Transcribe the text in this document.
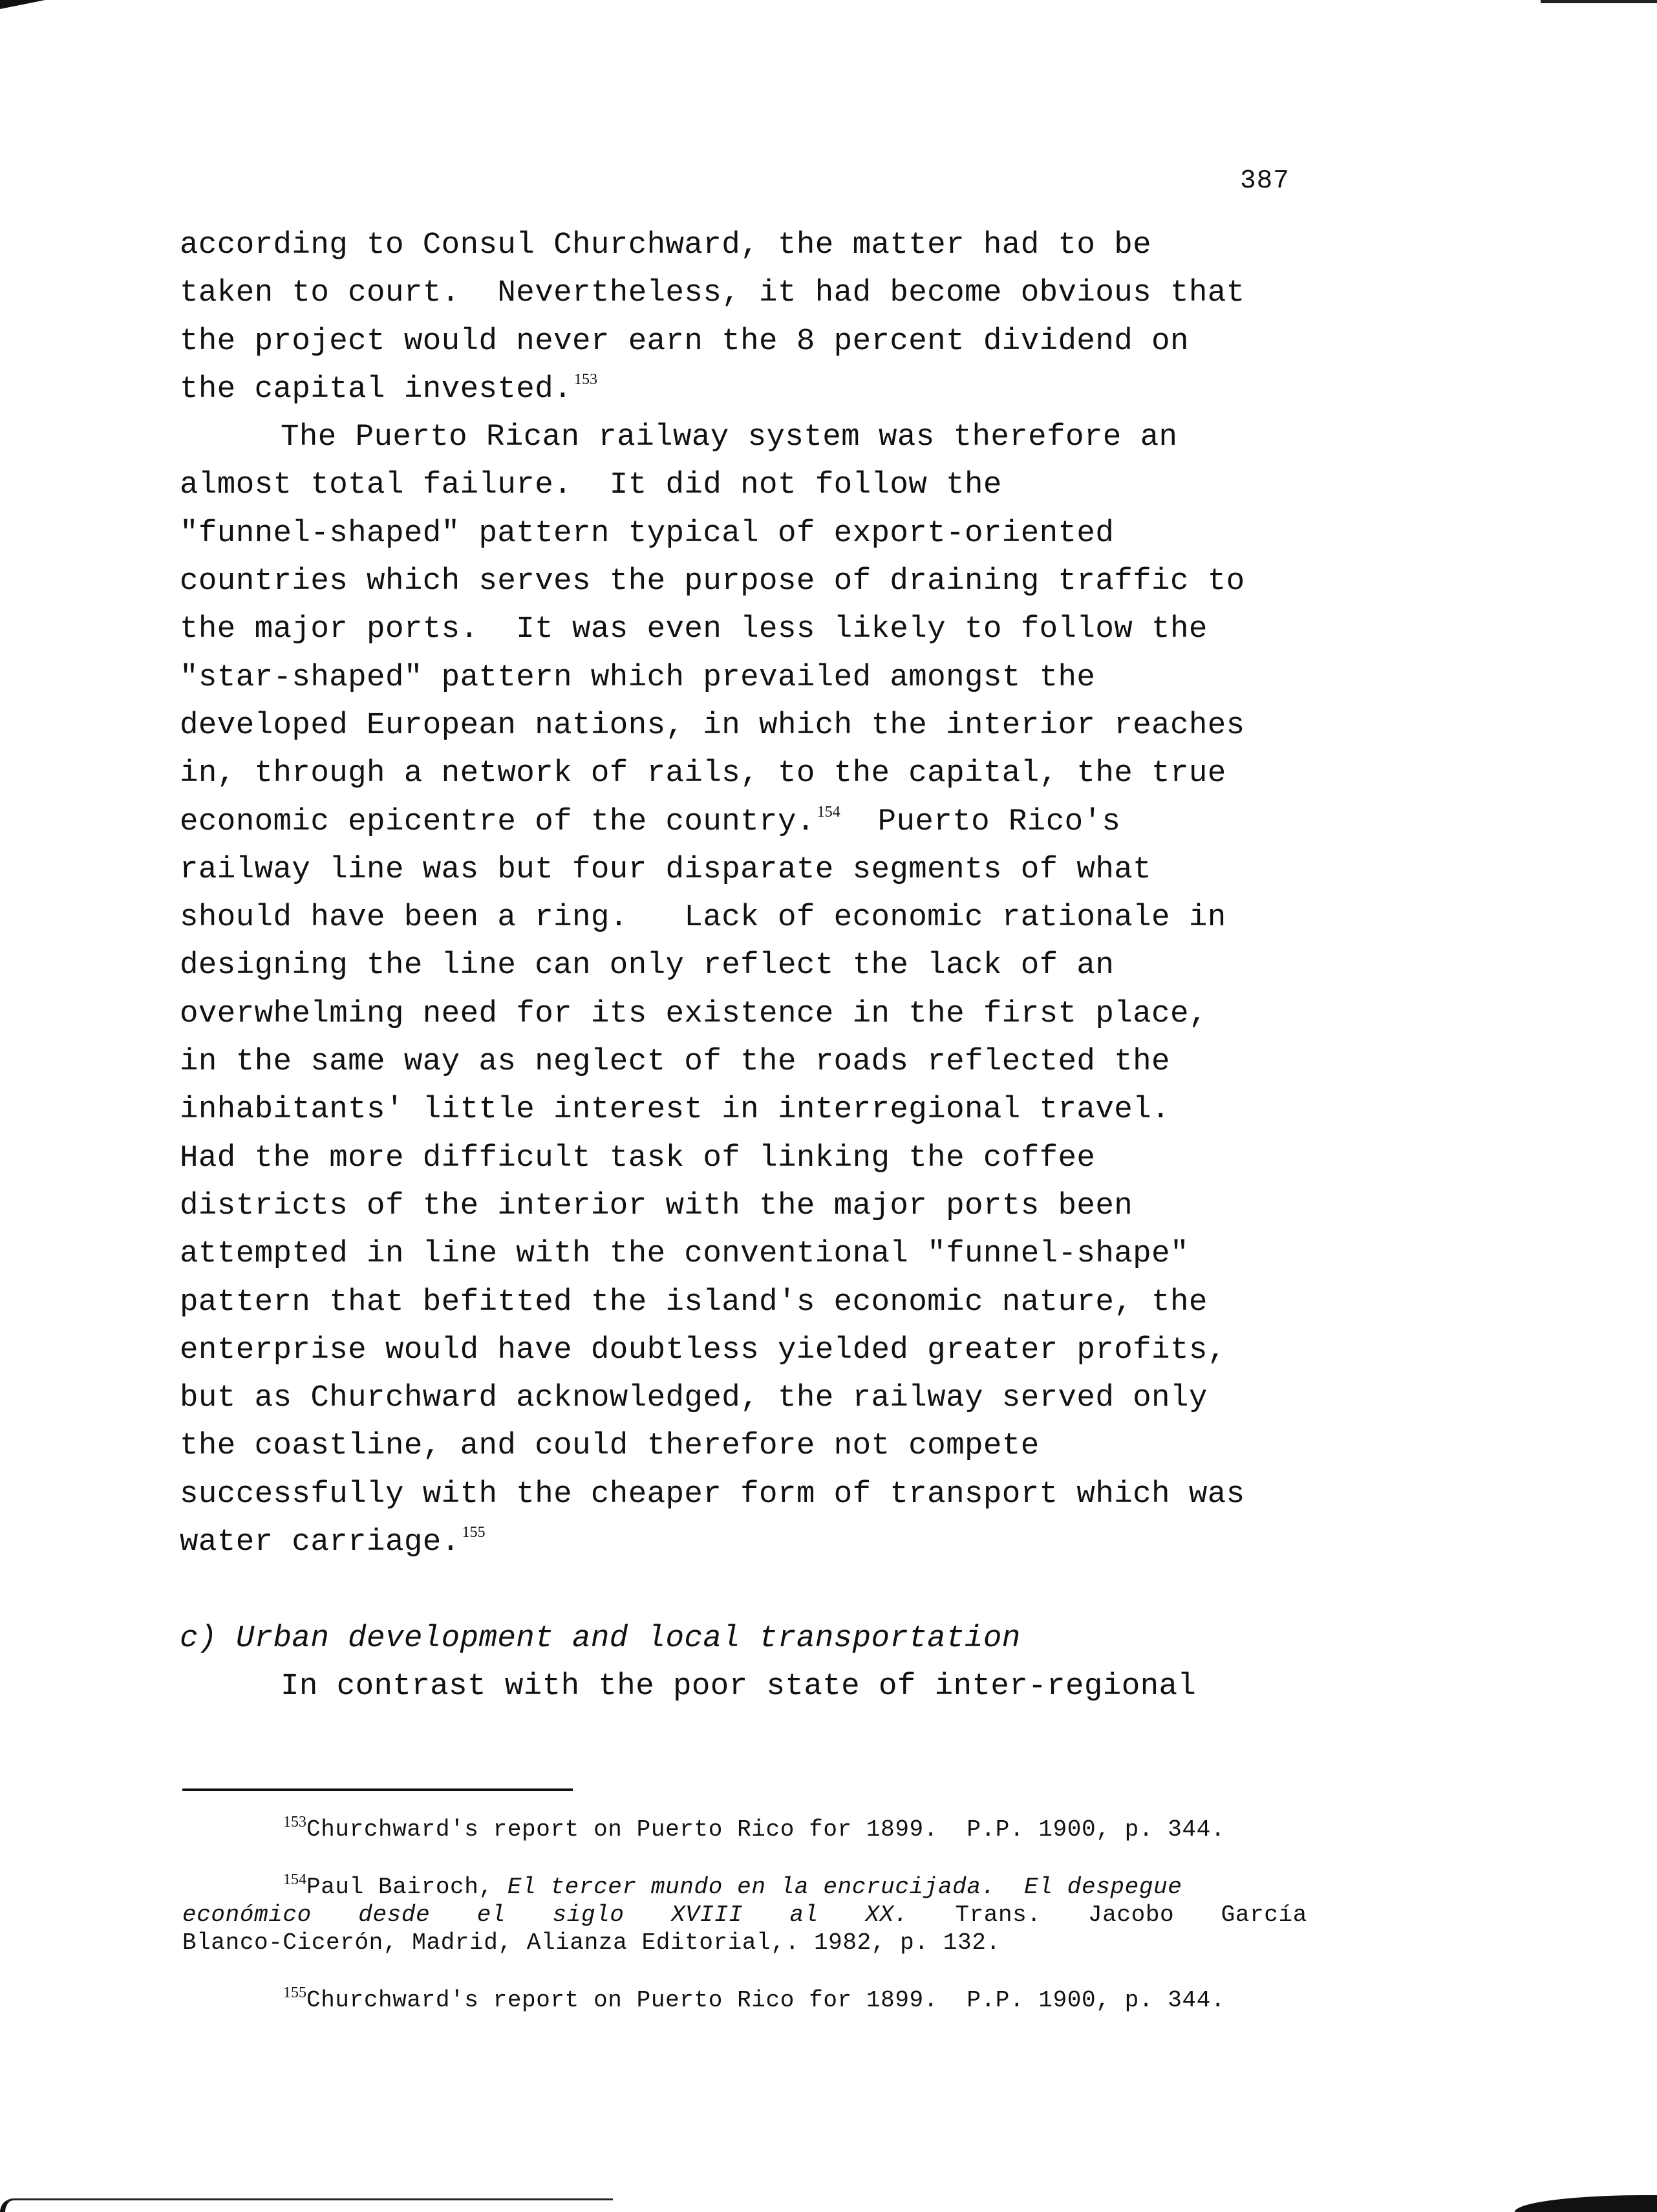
387
according to Consul Churchward, the matter had to be
taken to court.  Nevertheless, it had become obvious that
the project would never earn the 8 percent dividend on
the capital invested. $^{153}$
The Puerto Rican railway system was therefore an
almost total failure.  It did not follow the
"funnel-shaped" pattern typical of export-oriented
countries which serves the purpose of draining traffic to
the major ports.  It was even less likely to follow the
"star-shaped" pattern which prevailed amongst the
developed European nations, in which the interior reaches
in, through a network of rails, to the capital, the true
economic epicentre of the country. $^{154}$  Puerto Rico's
railway line was but four disparate segments of what
should have been a ring.   Lack of economic rationale in
designing the line can only reflect the lack of an
overwhelming need for its existence in the first place,
in the same way as neglect of the roads reflected the
inhabitants' little interest in interregional travel.
Had the more difficult task of linking the coffee
districts of the interior with the major ports been
attempted in line with the conventional "funnel-shape"
pattern that befitted the island's economic nature, the
enterprise would have doubtless yielded greater profits,
but as Churchward acknowledged, the railway served only
the coastline, and could therefore not compete
successfully with the cheaper form of transport which was
water carriage. $^{155}$
c) Urban development and local transportation
In contrast with the poor state of inter-regional
$^{153}$Churchward's report on Puerto Rico for 1899.  P.P. 1900, p. 344.
$^{154}$Paul Bairoch, El tercer mundo en la encrucijada.  El despegue
económico desde el siglo XVIII al XX. Trans. Jacobo García
Blanco-Cicerón, Madrid, Alianza Editorial,. 1982, p. 132.
$^{155}$Churchward's report on Puerto Rico for 1899.  P.P. 1900, p. 344.
